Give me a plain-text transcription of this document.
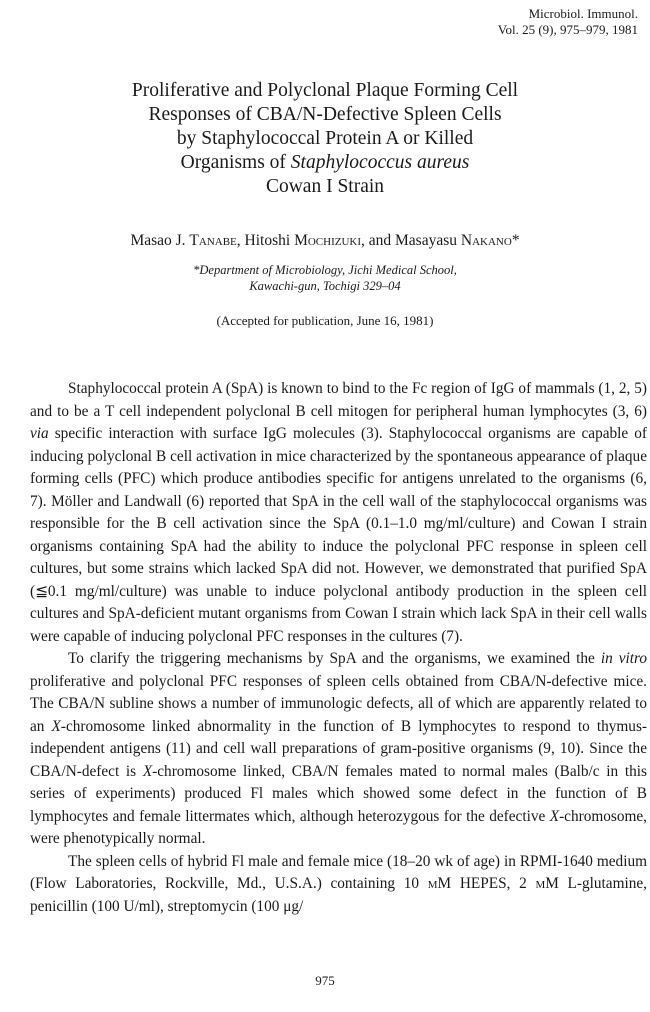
Microbiol. Immunol.
Vol. 25 (9), 975–979, 1981
Proliferative and Polyclonal Plaque Forming Cell
Responses of CBA/N-Defective Spleen Cells
by Staphylococcal Protein A or Killed
Organisms of Staphylococcus aureus
Cowan I Strain
Masao J. Tanabe, Hitoshi Mochizuki, and Masayasu Nakano*
*Department of Microbiology, Jichi Medical School,
Kawachi-gun, Tochigi 329–04
(Accepted for publication, June 16, 1981)

Staphylococcal protein A (SpA) is known to bind to the Fc region of IgG of mammals (1, 2, 5) and to be a T cell independent polyclonal B cell mitogen for peripheral human lymphocytes (3, 6) via specific interaction with surface IgG molecules (3). Staphylococcal organisms are capable of inducing polyclonal B cell activation in mice characterized by the spontaneous appearance of plaque forming cells (PFC) which produce antibodies specific for antigens unrelated to the organisms (6, 7). Möller and Landwall (6) reported that SpA in the cell wall of the staphylococcal organisms was responsible for the B cell activation since the SpA (0.1–1.0 mg/ml/culture) and Cowan I strain organisms containing SpA had the ability to induce the polyclonal PFC response in spleen cell cultures, but some strains which lacked SpA did not. However, we demonstrated that purified SpA (≦0.1 mg/ml/culture) was unable to induce polyclonal antibody production in the spleen cell cultures and SpA-deficient mutant organisms from Cowan I strain which lack SpA in their cell walls were capable of inducing polyclonal PFC responses in the cultures (7).

To clarify the triggering mechanisms by SpA and the organisms, we examined the in vitro proliferative and polyclonal PFC responses of spleen cells obtained from CBA/N-defective mice. The CBA/N subline shows a number of immunologic defects, all of which are apparently related to an X-chromosome linked abnormality in the function of B lymphocytes to respond to thymus-independent antigens (11) and cell wall preparations of gram-positive organisms (9, 10). Since the CBA/N-defect is X-chromosome linked, CBA/N females mated to normal males (Balb/c in this series of experiments) produced Fl males which showed some defect in the function of B lymphocytes and female littermates which, although heterozygous for the defective X-chromosome, were phenotypically normal.

The spleen cells of hybrid Fl male and female mice (18–20 wk of age) in RPMI-1640 medium (Flow Laboratories, Rockville, Md., U.S.A.) containing 10 mM HEPES, 2 mM L-glutamine, penicillin (100 U/ml), streptomycin (100 μg/

975
